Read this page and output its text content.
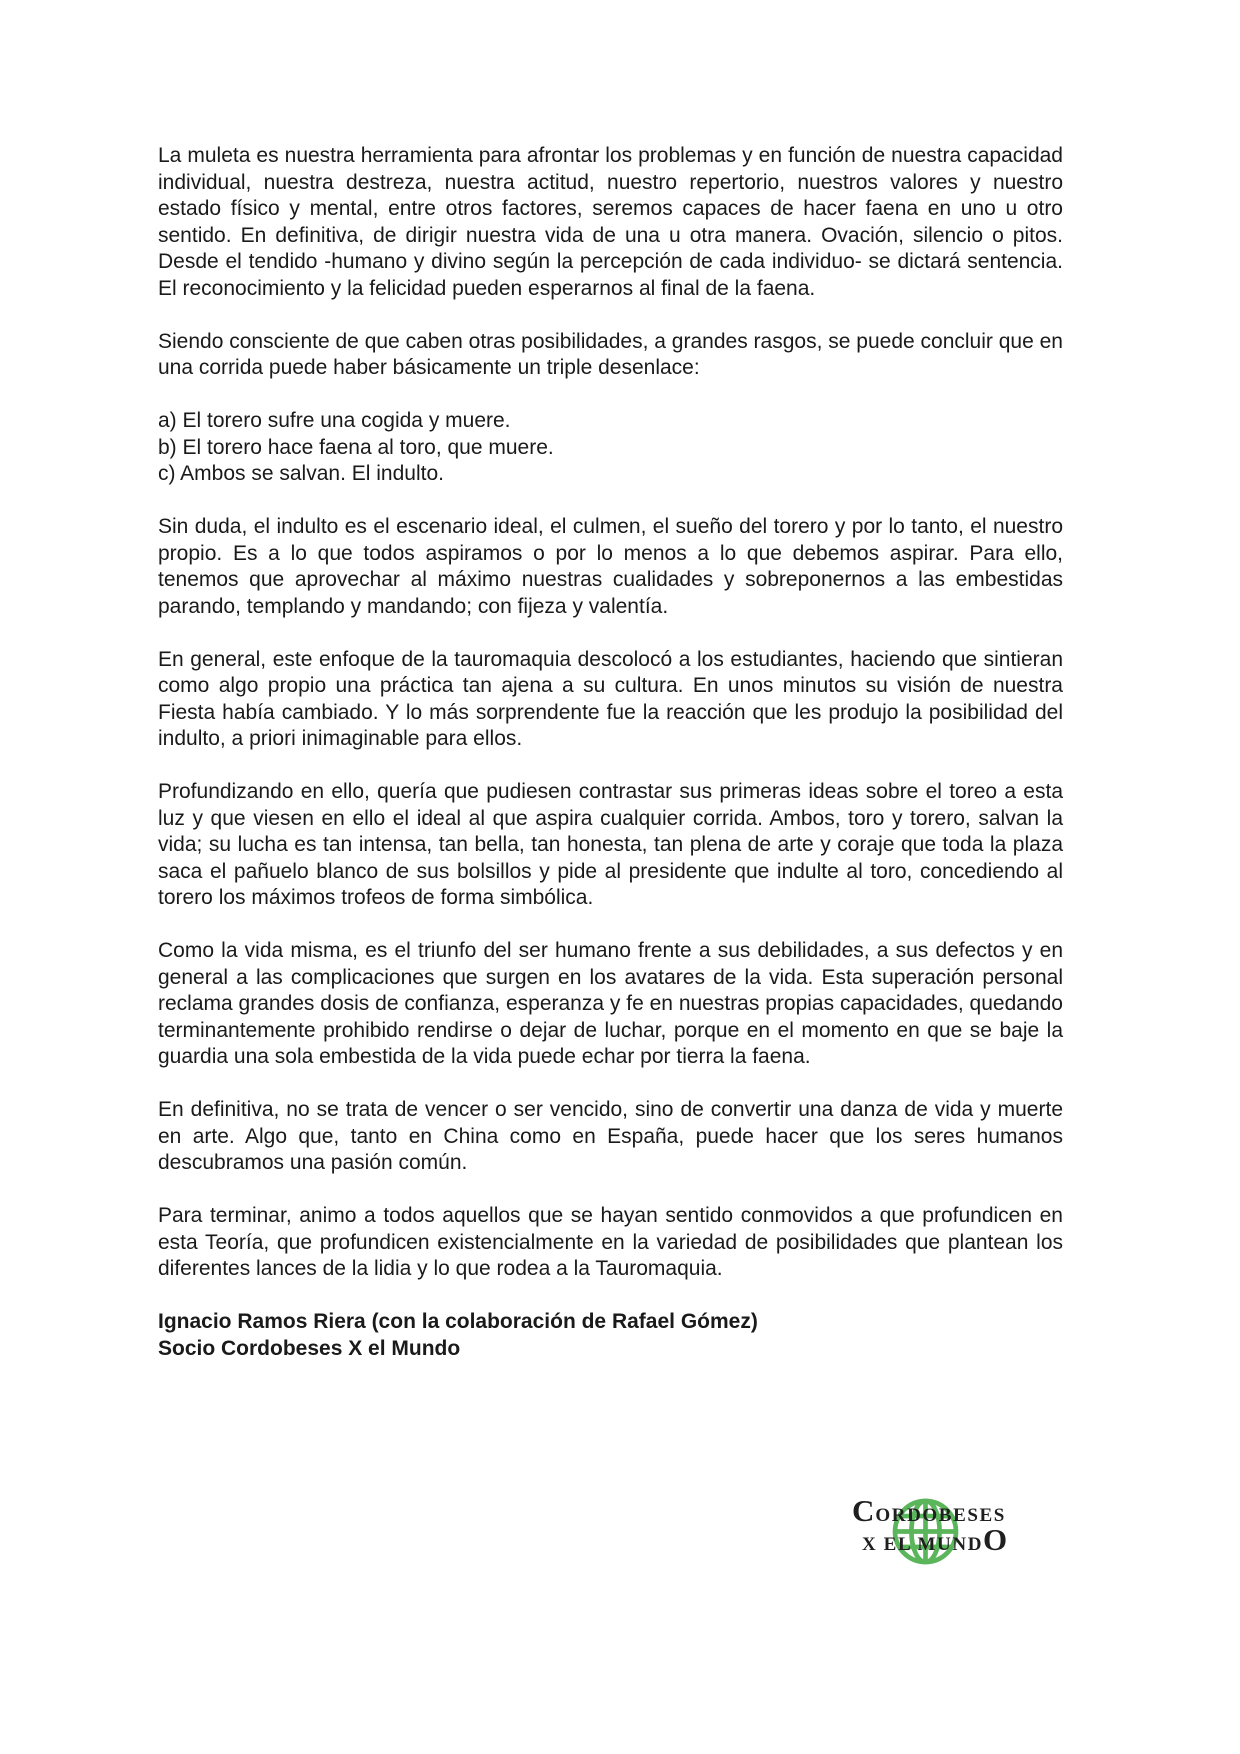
La muleta es nuestra herramienta para afrontar los problemas y en función de nuestra capacidad individual, nuestra destreza, nuestra actitud, nuestro repertorio, nuestros valores y nuestro estado físico y mental, entre otros factores, seremos capaces de hacer faena en uno u otro sentido. En definitiva, de dirigir nuestra vida de una u otra manera. Ovación, silencio o pitos. Desde el tendido -humano y divino según la percepción de cada individuo- se dictará sentencia. El reconocimiento y la felicidad pueden esperarnos al final de la faena.

Siendo consciente de que caben otras posibilidades, a grandes rasgos, se puede concluir que en una corrida puede haber básicamente un triple desenlace:

a) El torero sufre una cogida y muere.

b) El torero hace faena al toro, que muere.

c) Ambos se salvan. El indulto.

Sin duda, el indulto es el escenario ideal, el culmen, el sueño del torero y por lo tanto, el nuestro propio. Es a lo que todos aspiramos o por lo menos a lo que debemos aspirar. Para ello, tenemos que aprovechar al máximo nuestras cualidades y sobreponernos a las embestidas parando, templando y mandando; con fijeza y valentía.

En general, este enfoque de la tauromaquia descolocó a los estudiantes, haciendo que sintieran como algo propio una práctica tan ajena a su cultura. En unos minutos su visión de nuestra Fiesta había cambiado. Y lo más sorprendente fue la reacción que les produjo la posibilidad del indulto, a priori inimaginable para ellos.

Profundizando en ello, quería que pudiesen contrastar sus primeras ideas sobre el toreo a esta luz y que viesen en ello el ideal al que aspira cualquier corrida. Ambos, toro y torero, salvan la vida; su lucha es tan intensa, tan bella, tan honesta, tan plena de arte y coraje que toda la plaza saca el pañuelo blanco de sus bolsillos y pide al presidente que indulte al toro, concediendo al torero los máximos trofeos de forma simbólica.

Como la vida misma, es el triunfo del ser humano frente a sus debilidades, a sus defectos y en general a las complicaciones que surgen en los avatares de la vida. Esta superación personal reclama grandes dosis de confianza, esperanza y fe en nuestras propias capacidades, quedando terminantemente prohibido rendirse o dejar de luchar, porque en el momento en que se baje la guardia una sola embestida de la vida puede echar por tierra la faena.

En definitiva, no se trata de vencer o ser vencido, sino de convertir una danza de vida y muerte en arte. Algo que, tanto en China como en España, puede hacer que los seres humanos descubramos una pasión común.

Para terminar, animo a todos aquellos que se hayan sentido conmovidos a que profundicen en esta Teoría, que profundicen existencialmente en la variedad de posibilidades que plantean los diferentes lances de la lidia y lo que rodea a la Tauromaquia.

Ignacio Ramos Riera (con la colaboración de Rafael Gómez)

Socio Cordobeses X el Mundo

C ORDOBESES
X EL MUND O
